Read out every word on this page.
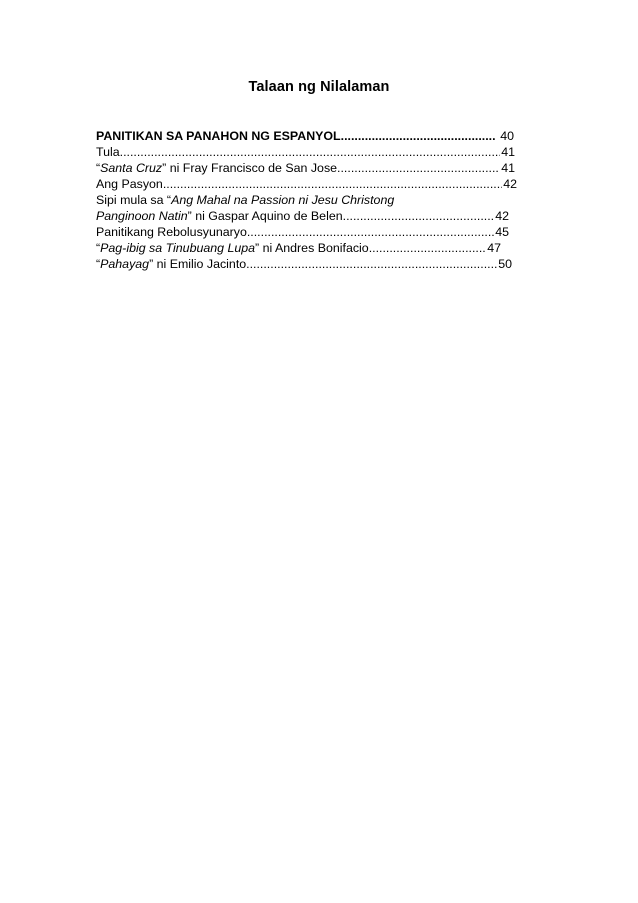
Talaan ng Nilalaman
PANITIKAN SA PANAHON NG ESPANYOL .....	40
Tula .....	41
“Santa Cruz” ni Fray Francisco de San Jose .....	41
Ang Pasyon .....	42
Sipi mula sa “Ang Mahal na Passion ni Jesu Christong
Panginoon Natin” ni Gaspar Aquino de Belen .....	42
Panitikang Rebolusyunaryo .....	45
“Pag-ibig sa Tinubuang Lupa” ni Andres Bonifacio .....	47
“Pahayag” ni Emilio Jacinto .....	50
